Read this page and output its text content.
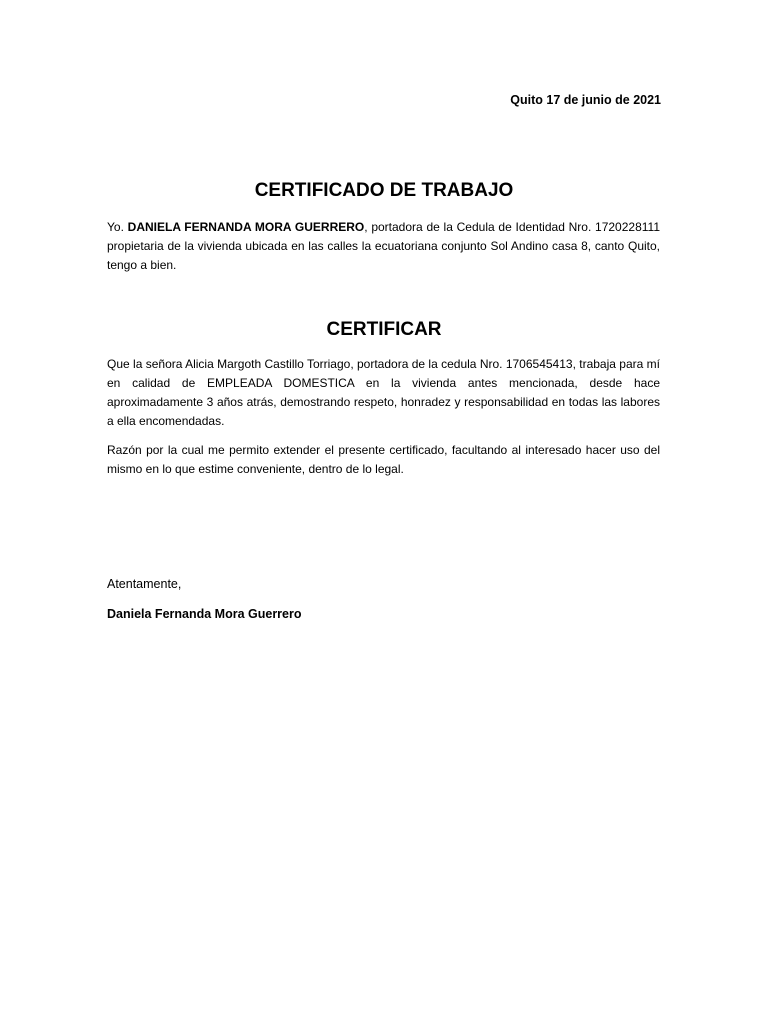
Quito 17 de junio de 2021
CERTIFICADO DE TRABAJO

Yo. DANIELA FERNANDA MORA GUERRERO, portadora de la Cedula de Identidad Nro. 1720228111 propietaria de la vivienda ubicada en las calles la ecuatoriana conjunto Sol Andino casa 8, canto Quito, tengo a bien.

CERTIFICAR

Que la señora Alicia Margoth Castillo Torriago, portadora de la cedula Nro. 1706545413, trabaja para mí en calidad de EMPLEADA DOMESTICA en la vivienda antes mencionada, desde hace aproximadamente 3 años atrás, demostrando respeto, honradez y responsabilidad en todas las labores a ella encomendadas.

Razón por la cual me permito extender el presente certificado, facultando al interesado hacer uso del mismo en lo que estime conveniente, dentro de lo legal.

Atentamente,
Daniela Fernanda Mora Guerrero
